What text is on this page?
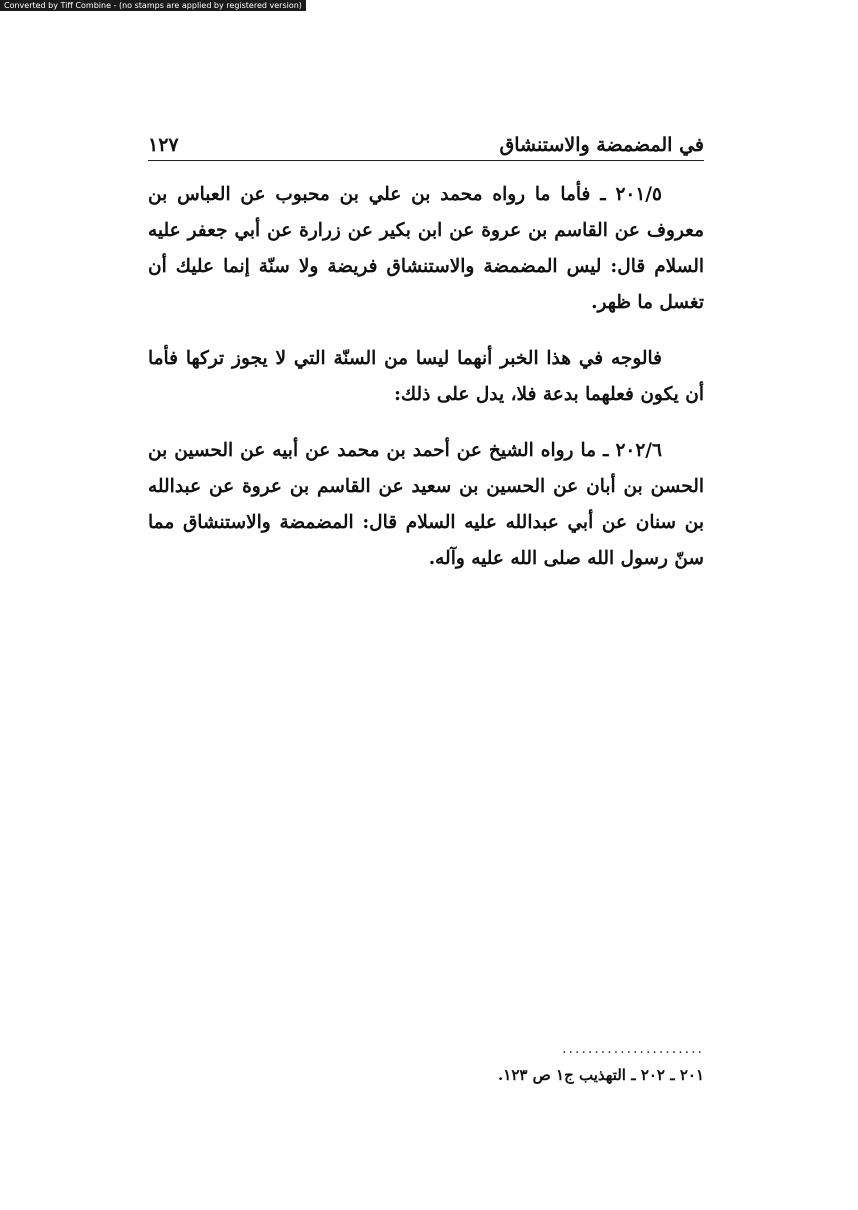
Converted by Tiff Combine - (no stamps are applied by registered version)
في المضمضة والاستنشاق
١٢٧

٢٠١/٥ ـ فأما ما رواه محمد بن علي بن محبوب عن العباس بن معروف عن القاسم بن عروة عن ابن بكير عن زرارة عن أبي جعفر عليه السلام قال: ليس المضمضة والاستنشاق فريضة ولا سنّة إنما عليك أن تغسل ما ظهر.

فالوجه في هذا الخبر أنهما ليسا من السنّة التي لا يجوز تركها فأما أن يكون فعلهما بدعة فلا، يدل على ذلك:

٢٠٢/٦ ـ ما رواه الشيخ عن أحمد بن محمد عن أبيه عن الحسين بن الحسن بن أبان عن الحسين بن سعيد عن القاسم بن عروة عن عبدالله بن سنان عن أبي عبدالله عليه السلام قال: المضمضة والاستنشاق مما سنّ رسول الله صلى الله عليه وآله.

......................
٢٠١ ـ ٢٠٢ ـ التهذيب ج١ ص ١٢٣.
